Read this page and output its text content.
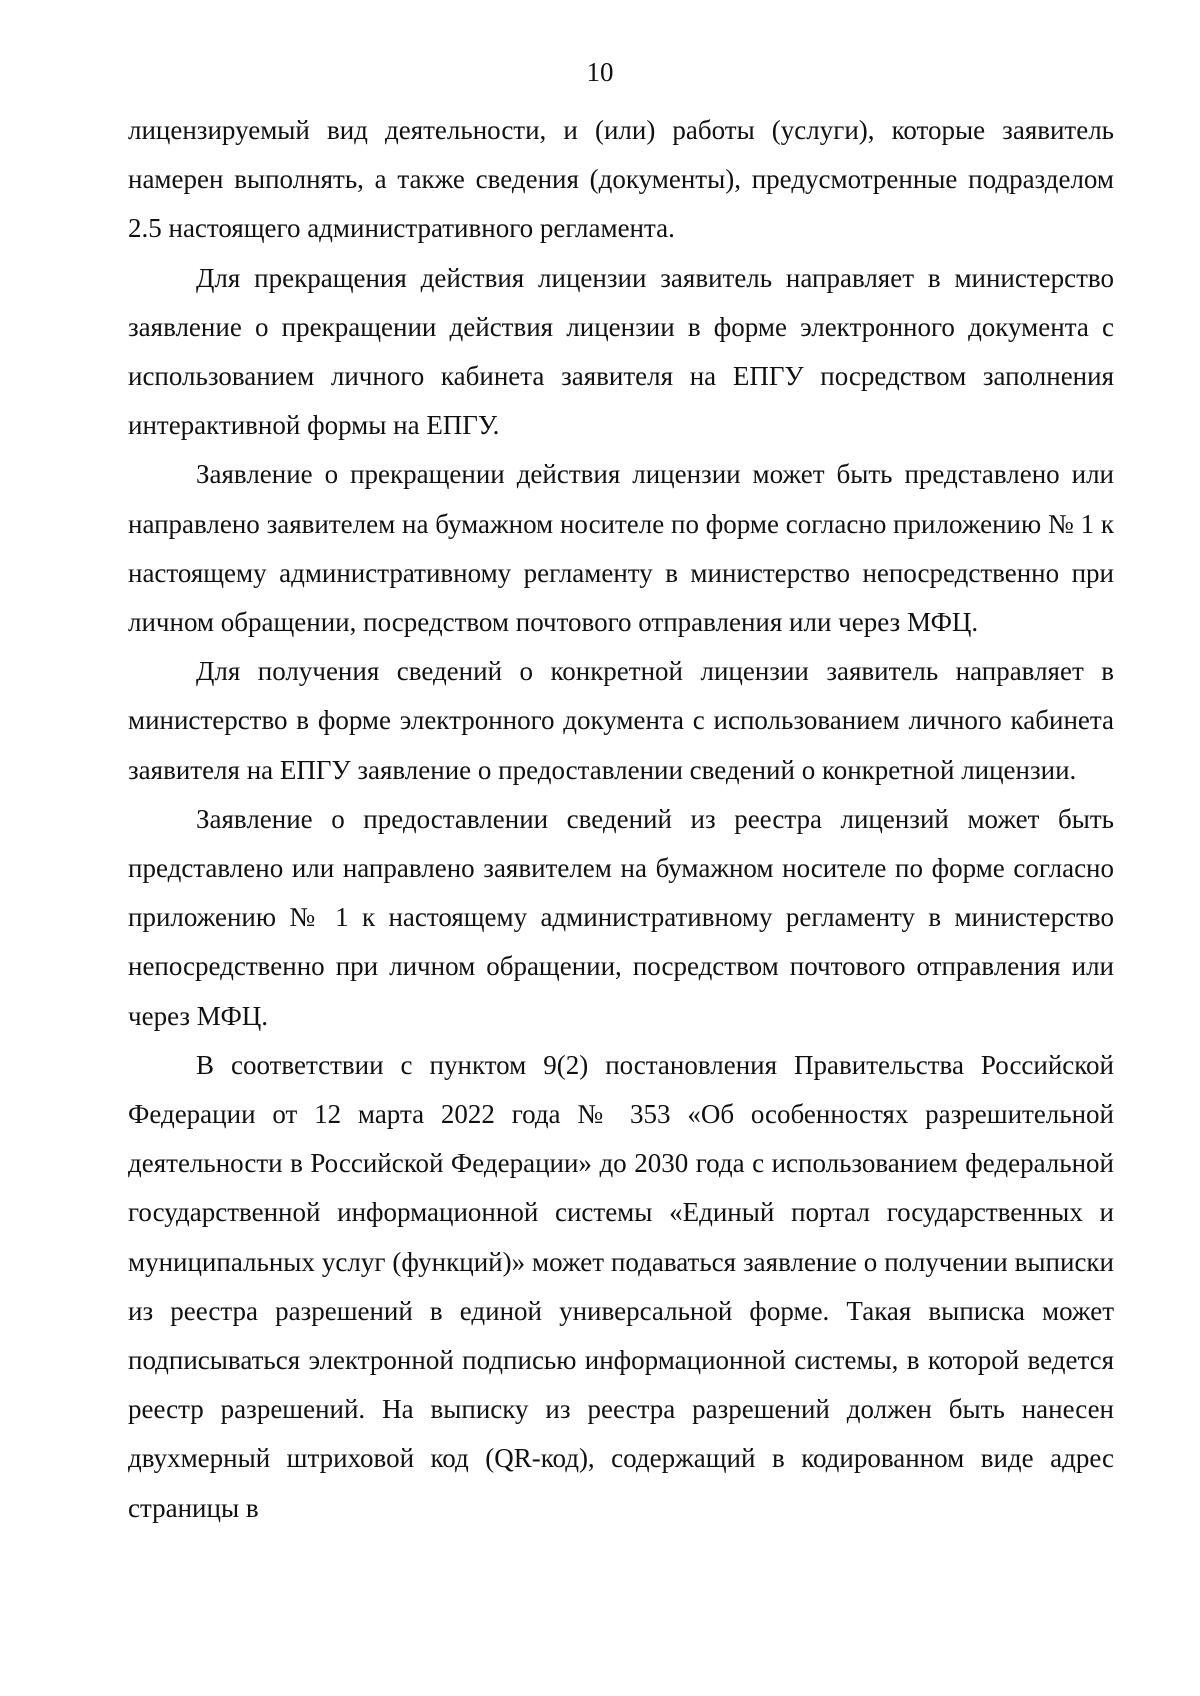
10

лицензируемый вид деятельности, и (или) работы (услуги), которые заявитель намерен выполнять, а также сведения (документы), предусмотренные подразделом 2.5 настоящего административного регламента.

Для прекращения действия лицензии заявитель направляет в министерство заявление о прекращении действия лицензии в форме электронного документа с использованием личного кабинета заявителя на ЕПГУ посредством заполнения интерактивной формы на ЕПГУ.

Заявление о прекращении действия лицензии может быть представлено или направлено заявителем на бумажном носителе по форме согласно приложению № 1 к настоящему административному регламенту в министерство непосредственно при личном обращении, посредством почтового отправления или через МФЦ.

Для получения сведений о конкретной лицензии заявитель направляет в министерство в форме электронного документа с использованием личного кабинета заявителя на ЕПГУ заявление о предоставлении сведений о конкретной лицензии.

Заявление о предоставлении сведений из реестра лицензий может быть представлено или направлено заявителем на бумажном носителе по форме согласно приложению № 1 к настоящему административному регламенту в министерство непосредственно при личном обращении, посредством почтового отправления или через МФЦ.

В соответствии с пунктом 9(2) постановления Правительства Российской Федерации от 12 марта 2022 года № 353 «Об особенностях разрешительной деятельности в Российской Федерации» до 2030 года с использованием федеральной государственной информационной системы «Единый портал государственных и муниципальных услуг (функций)» может подаваться заявление о получении выписки из реестра разрешений в единой универсальной форме. Такая выписка может подписываться электронной подписью информационной системы, в которой ведется реестр разрешений. На выписку из реестра разрешений должен быть нанесен двухмерный штриховой код (QR-код), содержащий в кодированном виде адрес страницы в
